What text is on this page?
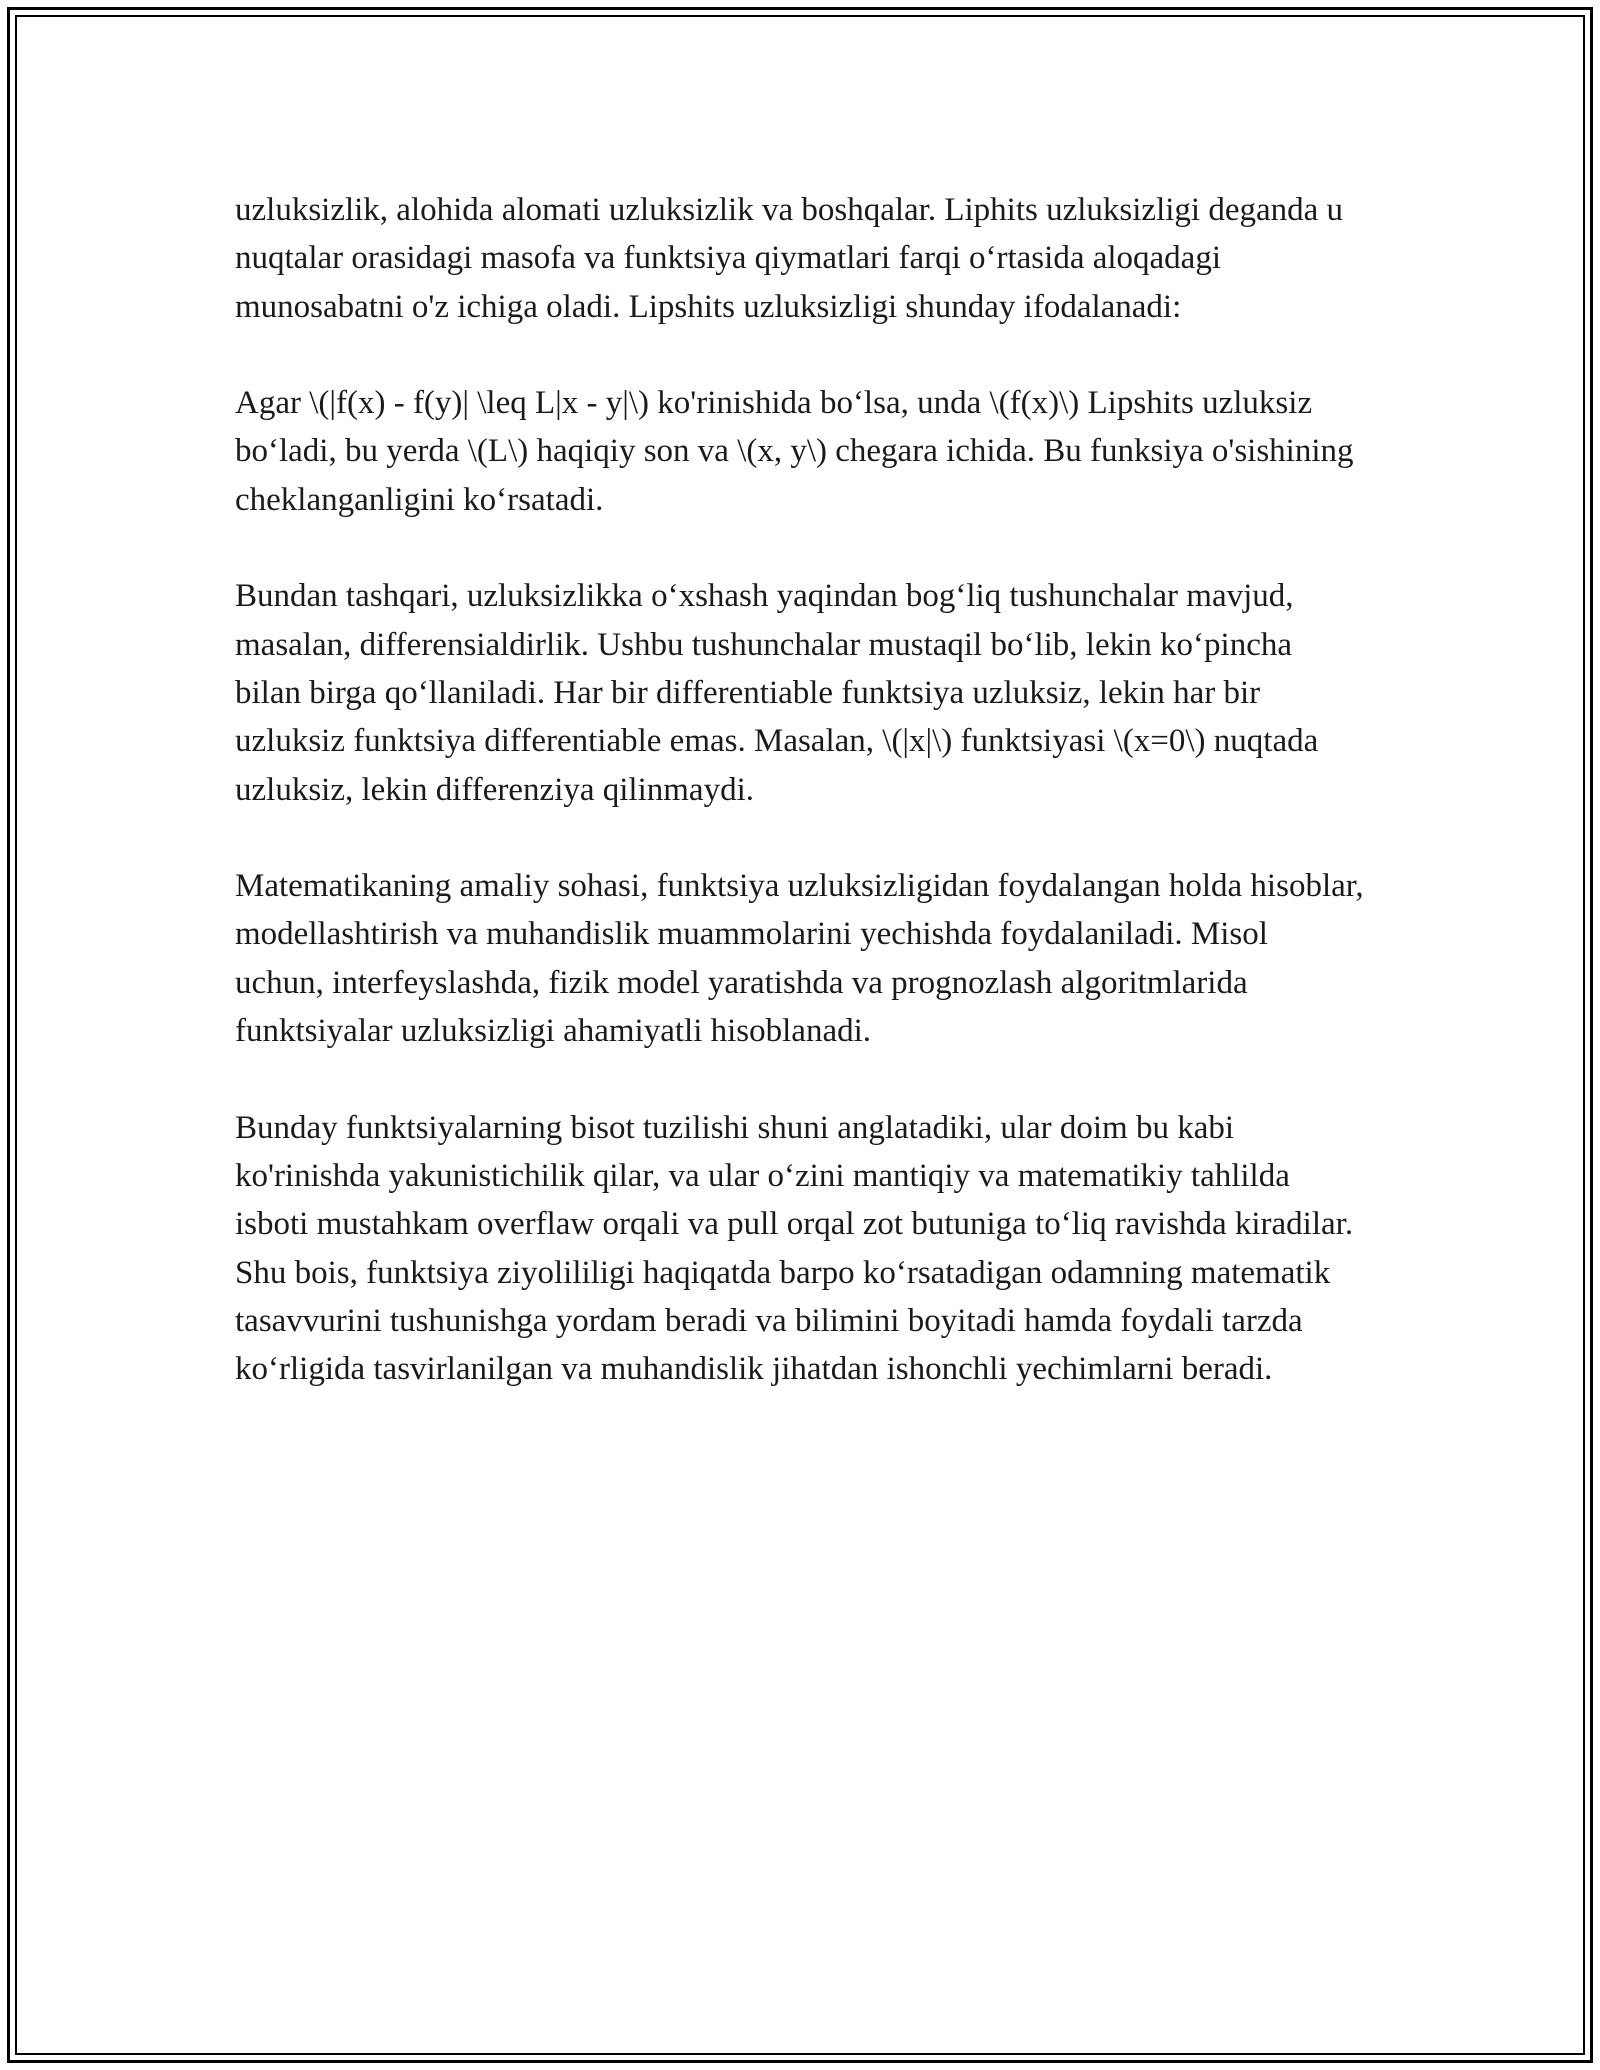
uzluksizlik, alohida alomati uzluksizlik va boshqalar. Liphits uzluksizligi deganda u nuqtalar orasidagi masofa va funktsiya qiymatlari farqi o‘rtasida aloqadagi munosabatni o'z ichiga oladi. Lipshits uzluksizligi shunday ifodalanadi:

Agar \(|f(x) - f(y)| \leq L|x - y|\) ko'rinishida bo‘lsa, unda \(f(x)\) Lipshits uzluksiz bo‘ladi, bu yerda \(L\) haqiqiy son va \(x, y\) chegara ichida. Bu funksiya o'sishining cheklanganligini ko‘rsatadi.

Bundan tashqari, uzluksizlikka o‘xshash yaqindan bog‘liq tushunchalar mavjud, masalan, differensialdirlik. Ushbu tushunchalar mustaqil bo‘lib, lekin ko‘pincha bilan birga qo‘llaniladi. Har bir differentiable funktsiya uzluksiz, lekin har bir uzluksiz funktsiya differentiable emas. Masalan, \(|x|\) funktsiyasi \(x=0\) nuqtada uzluksiz, lekin differenziya qilinmaydi.

Matematikaning amaliy sohasi, funktsiya uzluksizligidan foydalangan holda hisoblar, modellashtirish va muhandislik muammolarini yechishda foydalaniladi. Misol uchun, interfeyslashda, fizik model yaratishda va prognozlash algoritmlarida funktsiyalar uzluksizligi ahamiyatli hisoblanadi.

Bunday funktsiyalarning bisot tuzilishi shuni anglatadiki, ular doim bu kabi ko'rinishda yakunistichilik qilar, va ular o‘zini mantiqiy va matematikiy tahlilda isboti mustahkam overflaw orqali va pull orqal zot butuniga to‘liq ravishda kiradilar. Shu bois, funktsiya ziyolililigi haqiqatda barpo ko‘rsatadigan odamning matematik tasavvurini tushunishga yordam beradi va bilimini boyitadi hamda foydali tarzda ko‘rligida tasvirlanilgan va muhandislik jihatdan ishonchli yechimlarni beradi.
